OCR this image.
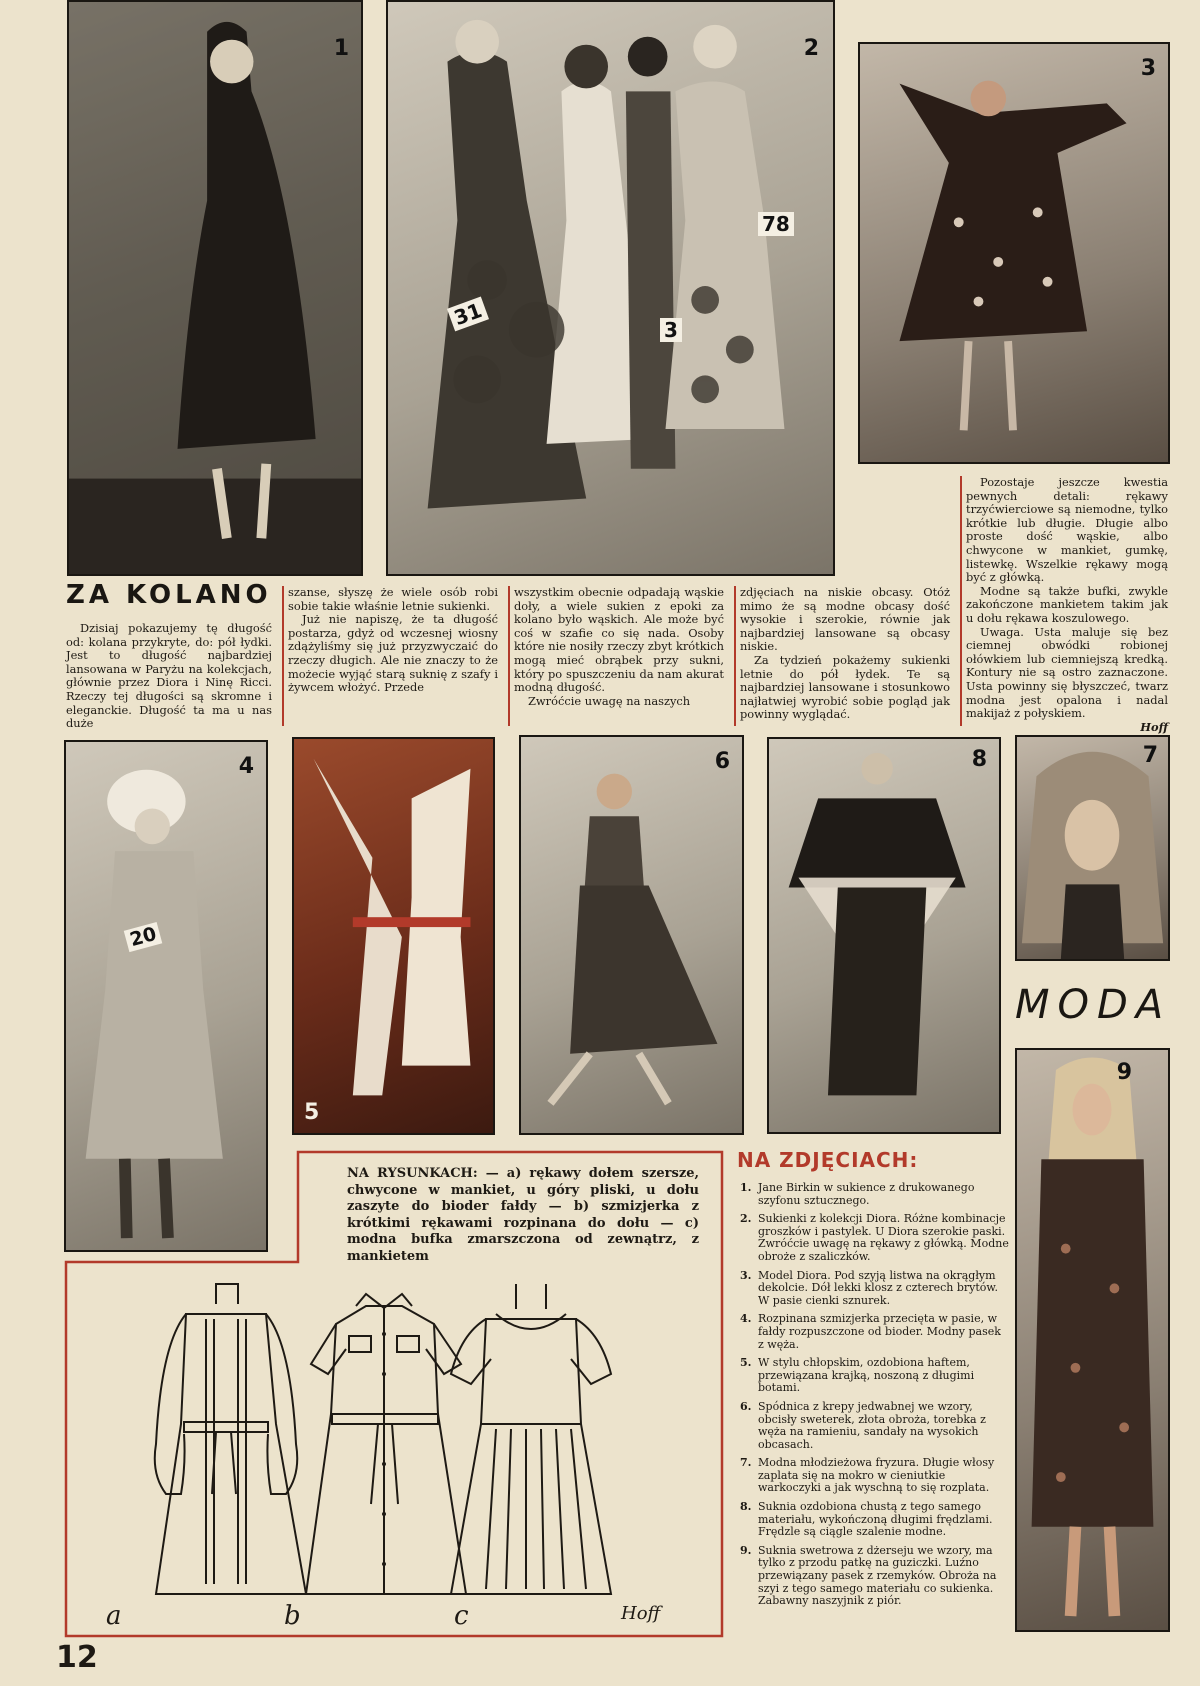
1	2
31	3
78
3
ZA KOLANO

Dzisiaj pokazujemy tę długość od: kolana przykryte, do: pół łydki. Jest to długość najbardziej lansowana w Paryżu na kolekcjach, głównie przez Diora i Ninę Ricci. Rzeczy tej długości są skromne i eleganckie. Długość ta ma u nas duże

szanse, słyszę że wiele osób robi sobie takie właśnie letnie sukienki.

Już nie napiszę, że ta długość postarza, gdyż od wczesnej wiosny zdążyliśmy się już przyzwyczaić do rzeczy długich. Ale nie znaczy to że możecie wyjąć starą suknię z szafy i żywcem włożyć. Przede

wszystkim obecnie odpadają wąskie doły, a wiele sukien z epoki za kolano było wąskich. Ale może być coś w szafie co się nada. Osoby które nie nosiły rzeczy zbyt krótkich mogą mieć obrąbek przy sukni, który po spuszczeniu da nam akurat modną długość.

Zwróćcie uwagę na naszych

zdjęciach na niskie obcasy. Otóż mimo że są modne obcasy dość wysokie i szerokie, równie jak najbardziej lansowane są obcasy niskie.

Za tydzień pokażemy sukienki letnie do pół łydek. Te są najbardziej lansowane i stosunkowo najłatwiej wyrobić sobie pogląd jak powinny wyglądać.

Pozostaje jeszcze kwestia pewnych detali: rękawy trzyćwierciowe są niemodne, tylko krótkie lub długie. Długie albo proste dość wąskie, albo chwycone w mankiet, gumkę, listewkę. Wszelkie rękawy mogą być z główką.

Modne są także bufki, zwykle zakończone mankietem takim jak u dołu rękawa koszulowego.

Uwaga. Usta maluje się bez ciemnej obwódki robionej ołówkiem lub ciemniejszą kredką. Kontury nie są ostro zaznaczone. Usta powinny się błyszczeć, twarz modna jest opalona i nadal makijaż z połyskiem.

Hoff
4
20
5
6	8	7
MODA
9
NA RYSUNKACH: — a) rękawy dołem szersze, chwycone w mankiet, u góry pliski, u dołu zaszyte do bioder fałdy — b) szmizjerka z krótkimi rękawami rozpinana do dołu — c) modna bufka zmarszczona od zewnątrz, z mankietem
a	b	c	Hoff
NA ZDJĘCIACH:
1. Jane Birkin w sukience z drukowanego szyfonu sztucznego.
2. Sukienki z kolekcji Diora. Różne kombinacje groszków i pastylek. U Diora szerokie paski. Zwróćcie uwagę na rękawy z główką. Modne obroże z szaliczków.
3. Model Diora. Pod szyją listwa na okrągłym dekolcie. Dół lekki klosz z czterech brytów. W pasie cienki sznurek.
4. Rozpinana szmizjerka przecięta w pasie, w fałdy rozpuszczone od bioder. Modny pasek z węża.
5. W stylu chłopskim, ozdobiona haftem, przewiązana krajką, noszoną z długimi botami.
6. Spódnica z krepy jedwabnej we wzory, obcisły sweterek, złota obroża, torebka z węża na ramieniu, sandały na wysokich obcasach.
7. Modna młodzieżowa fryzura. Długie włosy zaplata się na mokro w cieniutkie warkoczyki a jak wyschną to się rozplata.
8. Suknia ozdobiona chustą z tego samego materiału, wykończoną długimi frędzlami. Frędzle są ciągle szalenie modne.
9. Suknia swetrowa z dżerseju we wzory, ma tylko z przodu patkę na guziczki. Luźno przewiązany pasek z rzemyków. Obroża na szyi z tego samego materiału co sukienka. Zabawny naszyjnik z piór.
12
